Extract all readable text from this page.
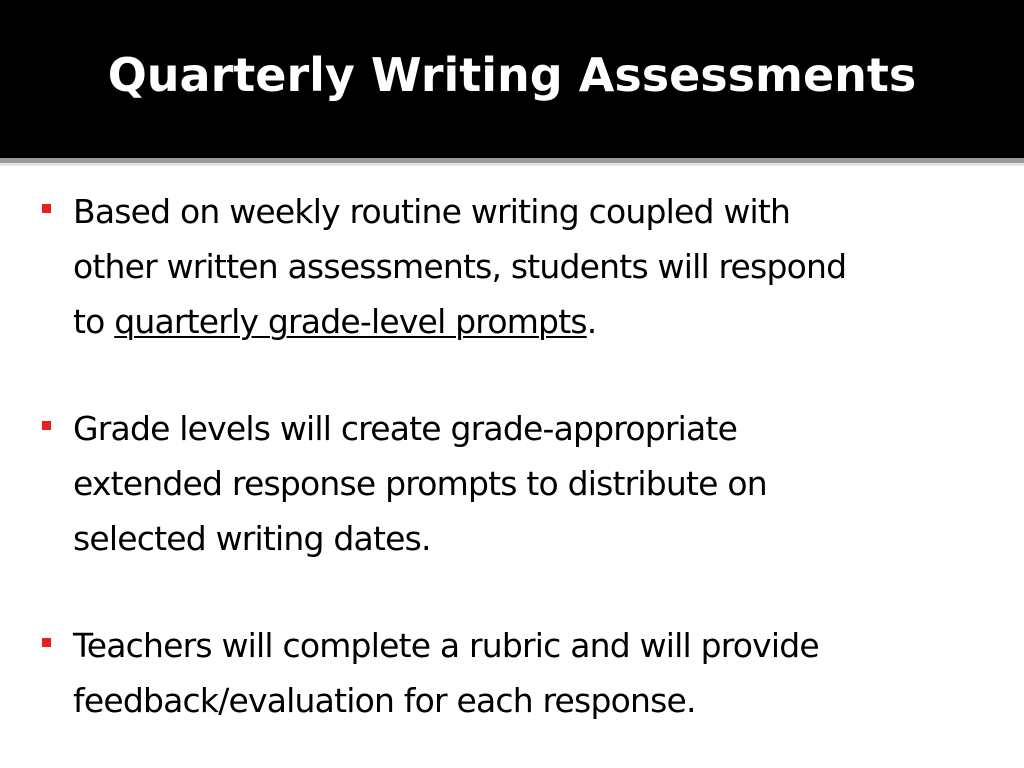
Quarterly Writing Assessments
Based on weekly routine writing coupled with
other written assessments, students will respond
to quarterly grade-level prompts.
Grade levels will create grade-appropriate
extended response prompts to distribute on
selected writing dates.
Teachers will complete a rubric and will provide
feedback/evaluation for each response.
